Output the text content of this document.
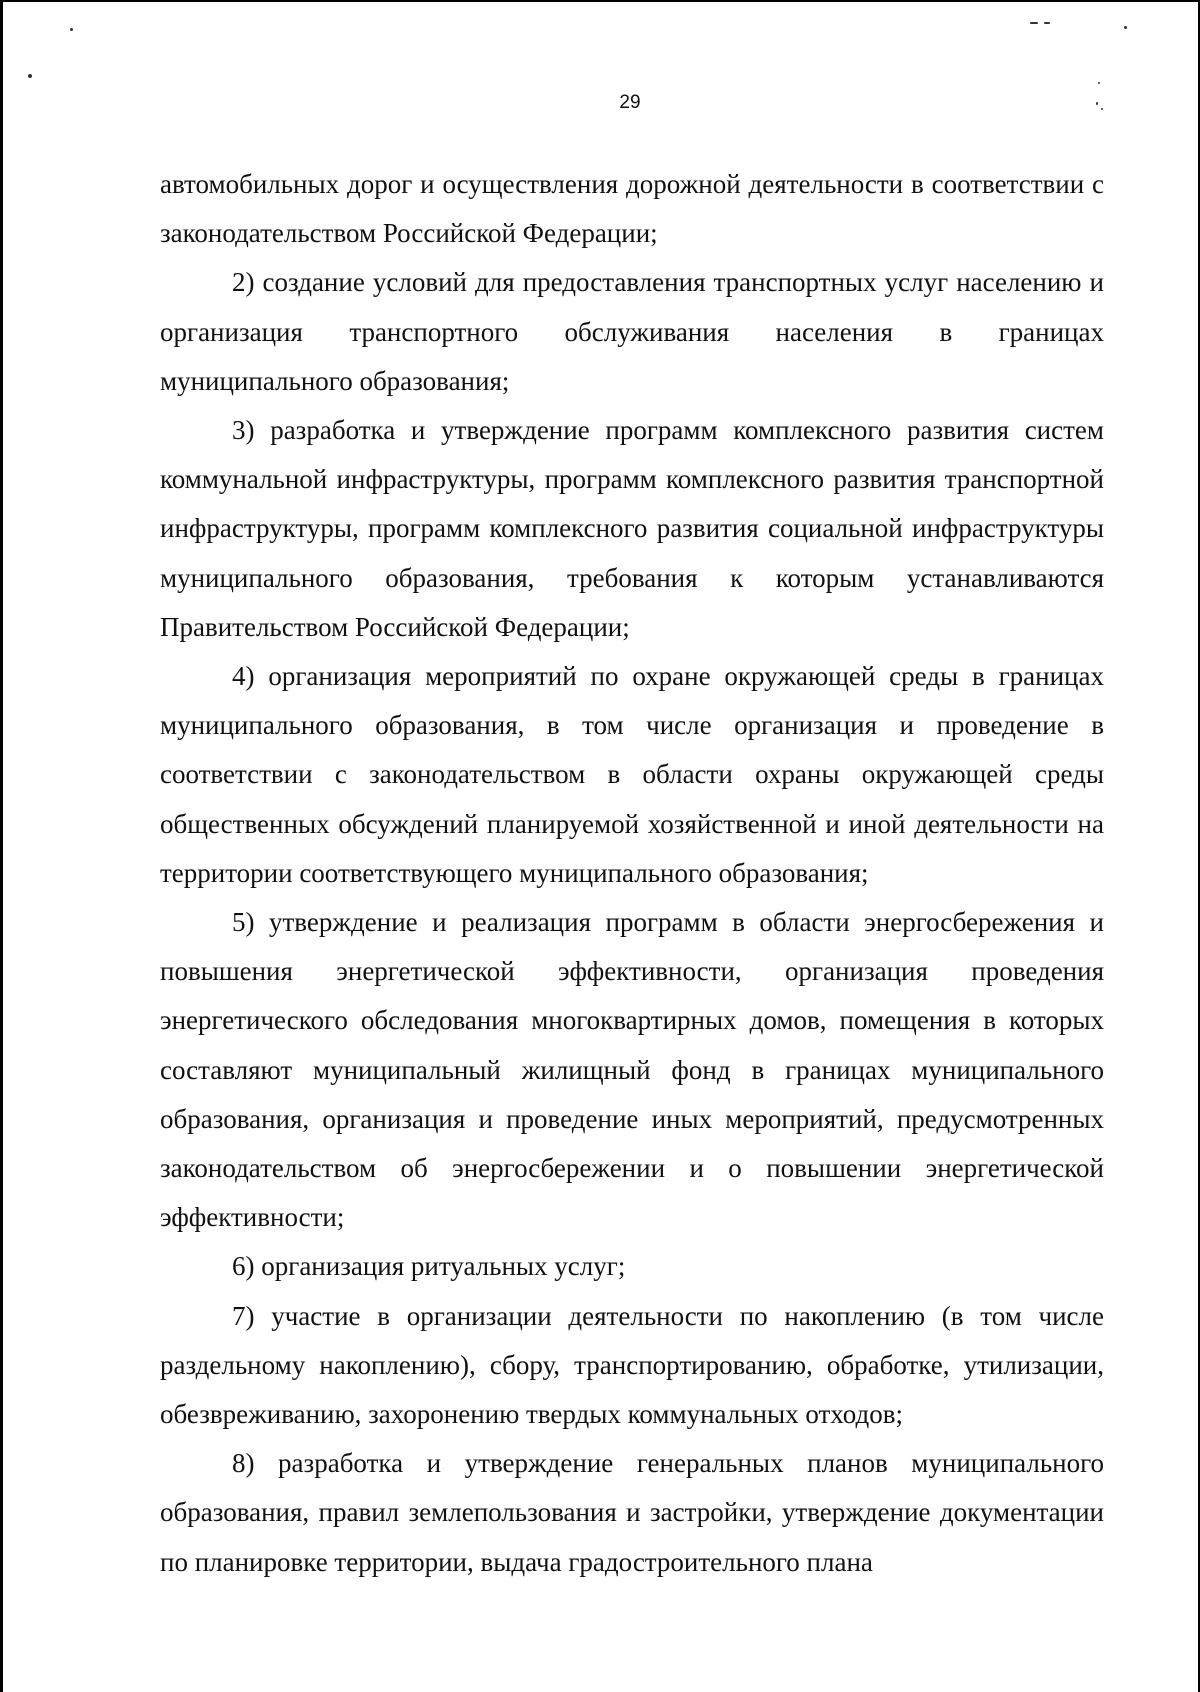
29

автомобильных дорог и осуществления дорожной деятельности в соответствии с законодательством Российской Федерации;

2) создание условий для предоставления транспортных услуг населению и организация транспортного обслуживания населения в границах муниципального образования;

3) разработка и утверждение программ комплексного развития систем коммунальной инфраструктуры, программ комплексного развития транспортной инфраструктуры, программ комплексного развития социальной инфраструктуры муниципального образования, требования к которым устанавливаются Правительством Российской Федерации;

4) организация мероприятий по охране окружающей среды в границах муниципального образования, в том числе организация и проведение в соответствии с законодательством в области охраны окружающей среды общественных обсуждений планируемой хозяйственной и иной деятельности на территории соответствующего муниципального образования;

5) утверждение и реализация программ в области энергосбережения и повышения энергетической эффективности, организация проведения энергетического обследования многоквартирных домов, помещения в которых составляют муниципальный жилищный фонд в границах муниципального образования, организация и проведение иных мероприятий, предусмотренных законодательством об энергосбережении и о повышении энергетической эффективности;

6) организация ритуальных услуг;

7) участие в организации деятельности по накоплению (в том числе раздельному накоплению), сбору, транспортированию, обработке, утилизации, обезвреживанию, захоронению твердых коммунальных отходов;

8) разработка и утверждение генеральных планов муниципального образования, правил землепользования и застройки, утверждение документации по планировке территории, выдача градостроительного плана
